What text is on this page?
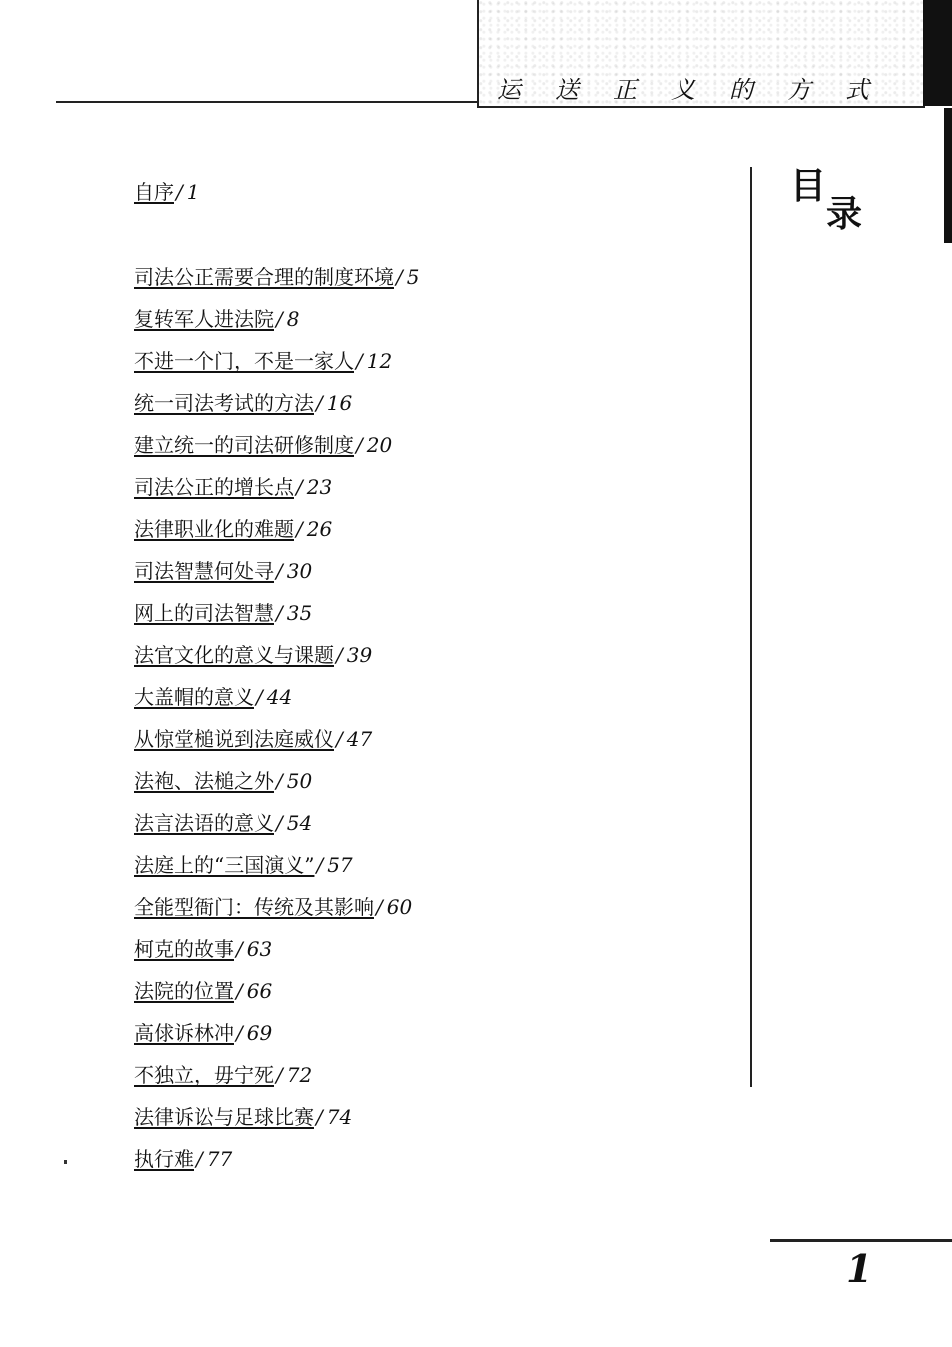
运送正义的方式
目
录
自序 / 1
司法公正需要合理的制度环境 / 5
复转军人进法院 / 8
不进一个门，不是一家人 / 12
统一司法考试的方法 / 16
建立统一的司法研修制度 / 20
司法公正的增长点 / 23
法律职业化的难题 / 26
司法智慧何处寻 / 30
网上的司法智慧 / 35
法官文化的意义与课题 / 39
大盖帽的意义 / 44
从惊堂槌说到法庭威仪 / 47
法袍、法槌之外 / 50
法言法语的意义 / 54
法庭上的“三国演义” / 57
全能型衙门：传统及其影响 / 60
柯克的故事 / 63
法院的位置 / 66
高俅诉林冲 / 69
不独立，毋宁死 / 72
法律诉讼与足球比赛 / 74
执行难 / 77
1
